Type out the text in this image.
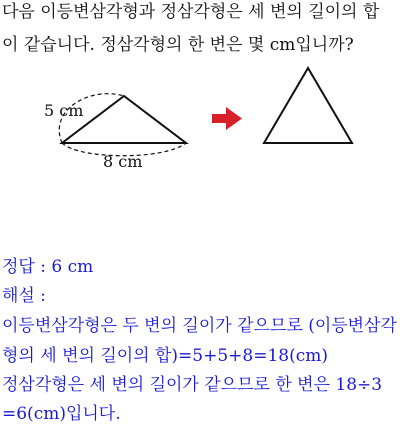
다음 이등변삼각형과 정삼각형은 세 변의 길이의 합
이 같습니다. 정삼각형의 한 변은 몇 cm입니까?
5 cm
8 cm
정답 : 6 cm
해설 :
이등변삼각형은 두 변의 길이가 같으므로 (이등변삼각
형의 세 변의 길이의 합)=5+5+8=18(cm)
정삼각형은 세 변의 길이가 같으므로 한 변은 18÷3
=6(cm)입니다.
